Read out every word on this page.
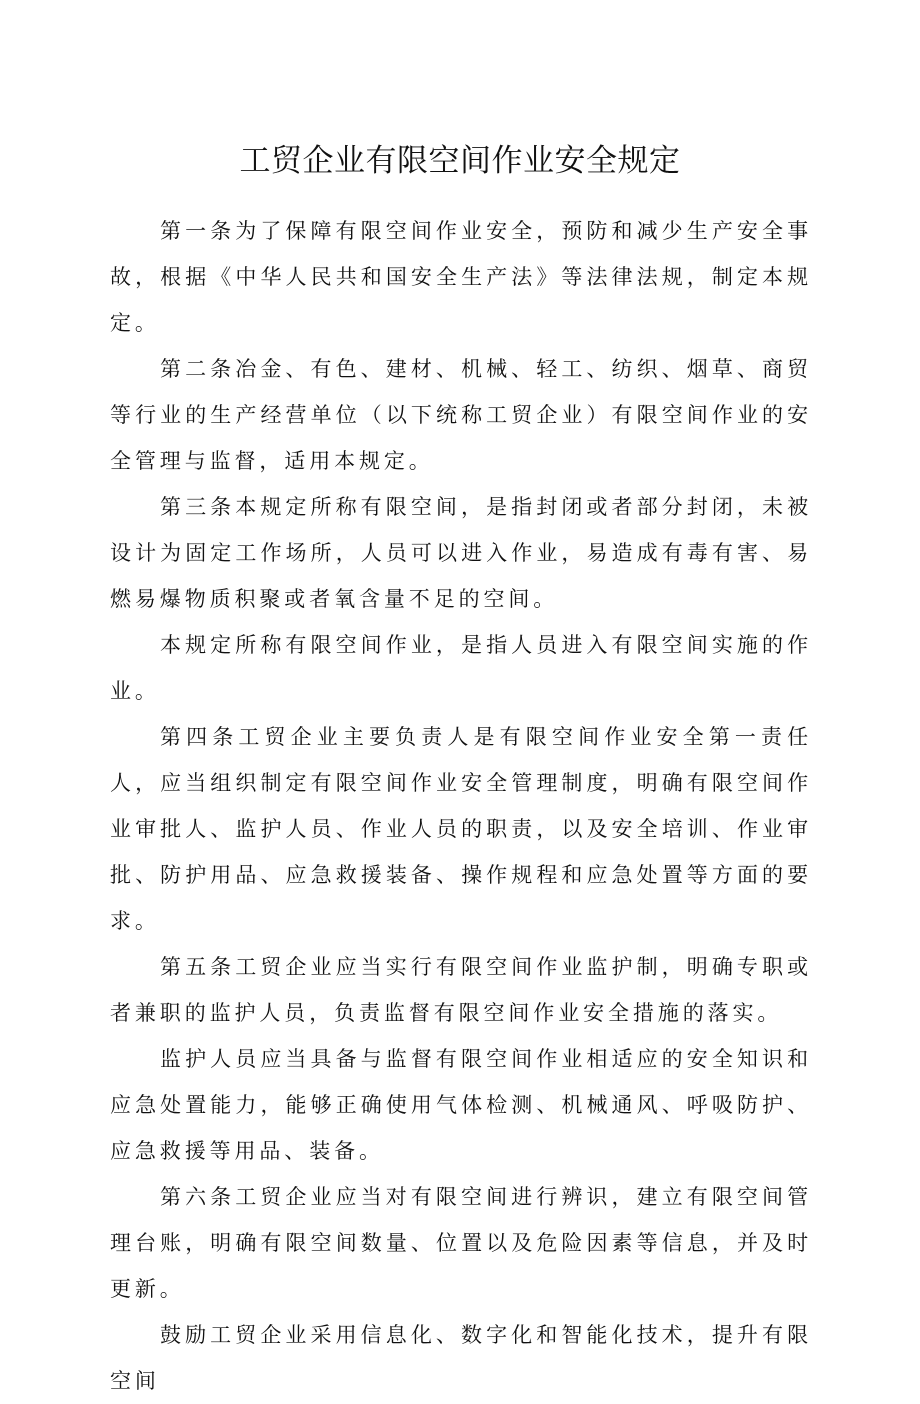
工贸企业有限空间作业安全规定

第一条为了保障有限空间作业安全，预防和减少生产安全事故，根据《中华人民共和国安全生产法》等法律法规，制定本规定。

第二条冶金、有色、建材、机械、轻工、纺织、烟草、商贸等行业的生产经营单位（以下统称工贸企业）有限空间作业的安全管理与监督，适用本规定。

第三条本规定所称有限空间，是指封闭或者部分封闭，未被设计为固定工作场所，人员可以进入作业，易造成有毒有害、易燃易爆物质积聚或者氧含量不足的空间。

本规定所称有限空间作业，是指人员进入有限空间实施的作业。

第四条工贸企业主要负责人是有限空间作业安全第一责任人，应当组织制定有限空间作业安全管理制度，明确有限空间作业审批人、监护人员、作业人员的职责，以及安全培训、作业审批、防护用品、应急救援装备、操作规程和应急处置等方面的要求。

第五条工贸企业应当实行有限空间作业监护制，明确专职或者兼职的监护人员，负责监督有限空间作业安全措施的落实。

监护人员应当具备与监督有限空间作业相适应的安全知识和应急处置能力，能够正确使用气体检测、机械通风、呼吸防护、应急救援等用品、装备。

第六条工贸企业应当对有限空间进行辨识，建立有限空间管理台账，明确有限空间数量、位置以及危险因素等信息，并及时更新。

鼓励工贸企业采用信息化、数字化和智能化技术，提升有限空间
